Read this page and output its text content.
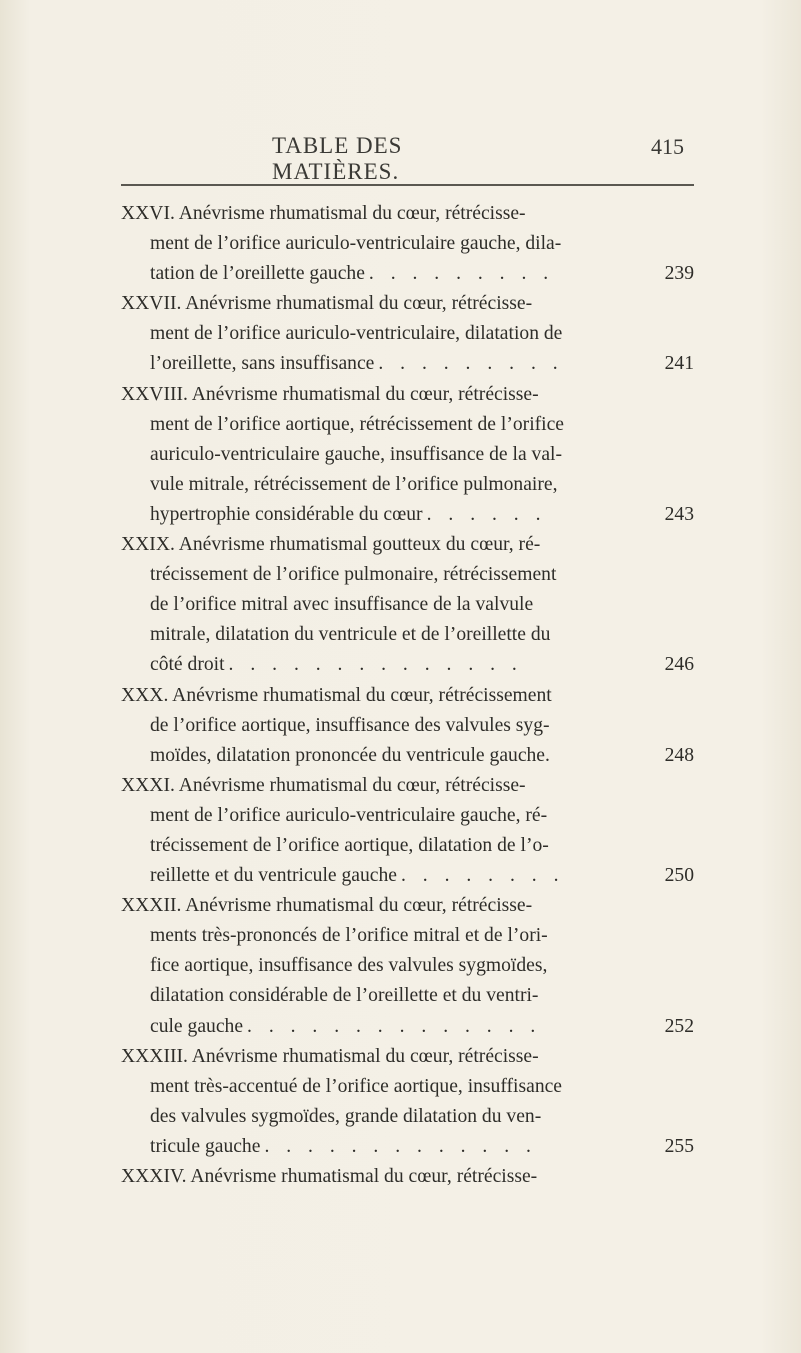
TABLE DES MATIÈRES.
415
XXVI. Anévrisme rhumatismal du cœur, rétrécisse-
ment de l’orifice auriculo-ventriculaire gauche, dila-
tation de l’oreillette gauche . . . . . . . . .	239
XXVII. Anévrisme rhumatismal du cœur, rétrécisse-
ment de l’orifice auriculo-ventriculaire, dilatation de
l’oreillette, sans insuffisance . . . . . . . . .	241
XXVIII. Anévrisme rhumatismal du cœur, rétrécisse-
ment de l’orifice aortique, rétrécissement de l’orifice
auriculo-ventriculaire gauche, insuffisance de la val-
vule mitrale, rétrécissement de l’orifice pulmonaire,
hypertrophie considérable du cœur . . . . . .	243
XXIX. Anévrisme rhumatismal goutteux du cœur, ré-
trécissement de l’orifice pulmonaire, rétrécissement
de l’orifice mitral avec insuffisance de la valvule
mitrale, dilatation du ventricule et de l’oreillette du
côté droit . . . . . . . . . . . . . .	246
XXX. Anévrisme rhumatismal du cœur, rétrécissement
de l’orifice aortique, insuffisance des valvules syg-
moïdes, dilatation prononcée du ventricule gauche.	248
XXXI. Anévrisme rhumatismal du cœur, rétrécisse-
ment de l’orifice auriculo-ventriculaire gauche, ré-
trécissement de l’orifice aortique, dilatation de l’o-
reillette et du ventricule gauche . . . . . . . .	250
XXXII. Anévrisme rhumatismal du cœur, rétrécisse-
ments très-prononcés de l’orifice mitral et de l’ori-
fice aortique, insuffisance des valvules sygmoïdes,
dilatation considérable de l’oreillette et du ventri-
cule gauche . . . . . . . . . . . . . .	252
XXXIII. Anévrisme rhumatismal du cœur, rétrécisse-
ment très-accentué de l’orifice aortique, insuffisance
des valvules sygmoïdes, grande dilatation du ven-
tricule gauche . . . . . . . . . . . . .	255
XXXIV. Anévrisme rhumatismal du cœur, rétrécisse-
